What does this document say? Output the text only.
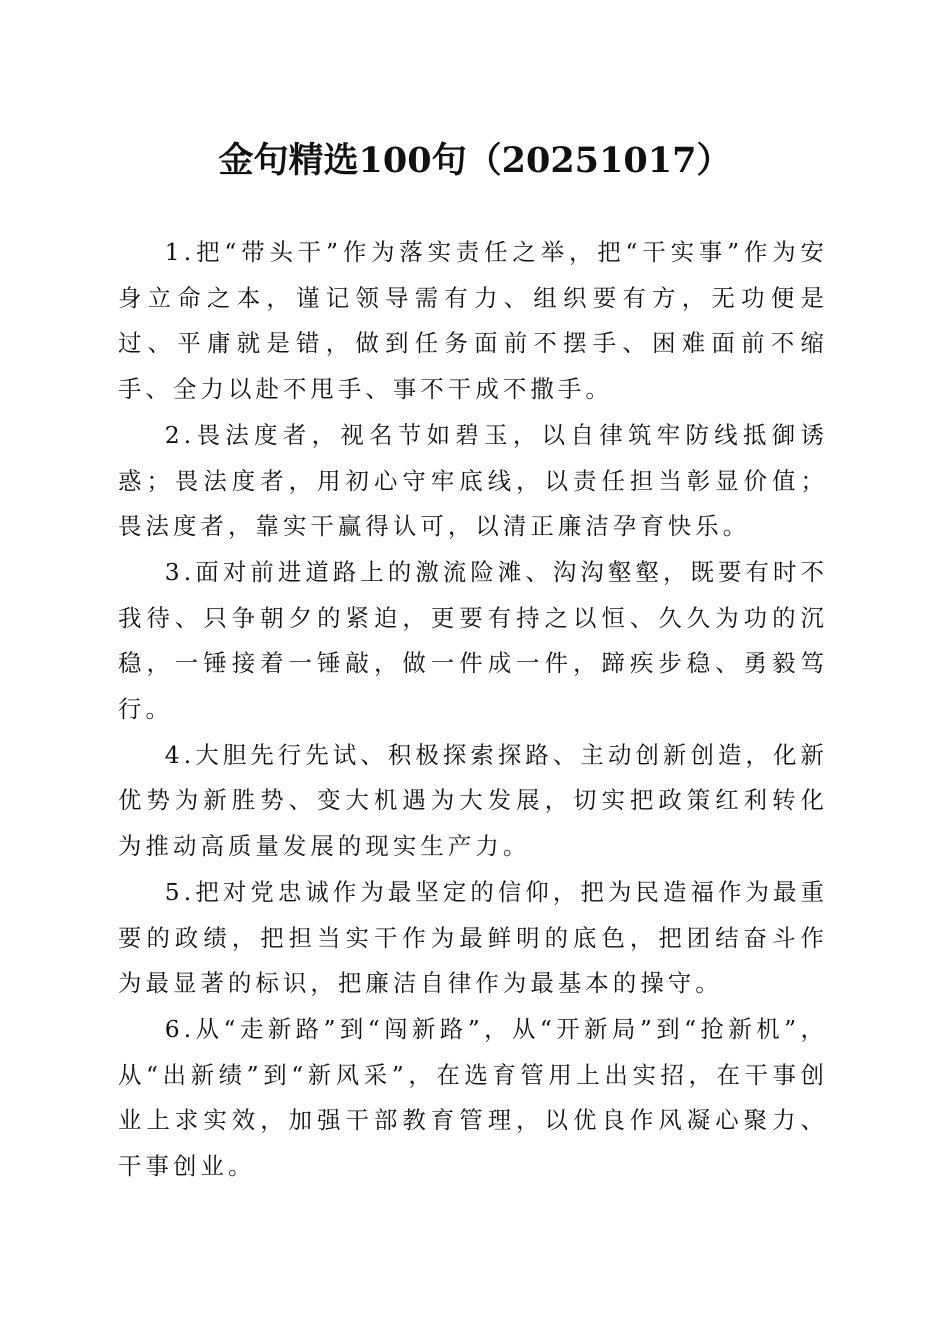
金句精选100句（20251017）

1.把“带头干”作为落实责任之举，把“干实事”作为安身立命之本，谨记领导需有力、组织要有方，无功便是过、平庸就是错，做到任务面前不摆手、困难面前不缩手、全力以赴不甩手、事不干成不撒手。

2.畏法度者，视名节如碧玉，以自律筑牢防线抵御诱惑；畏法度者，用初心守牢底线，以责任担当彰显价值；畏法度者，靠实干赢得认可，以清正廉洁孕育快乐。

3.面对前进道路上的激流险滩、沟沟壑壑，既要有时不我待、只争朝夕的紧迫，更要有持之以恒、久久为功的沉稳，一锤接着一锤敲，做一件成一件，蹄疾步稳、勇毅笃行。

4.大胆先行先试、积极探索探路、主动创新创造，化新优势为新胜势、变大机遇为大发展，切实把政策红利转化为推动高质量发展的现实生产力。

5.把对党忠诚作为最坚定的信仰，把为民造福作为最重要的政绩，把担当实干作为最鲜明的底色，把团结奋斗作为最显著的标识，把廉洁自律作为最基本的操守。

6.从“走新路”到“闯新路”，从“开新局”到“抢新机”，从“出新绩”到“新风采”，在选育管用上出实招，在干事创业上求实效，加强干部教育管理，以优良作风凝心聚力、干事创业。
